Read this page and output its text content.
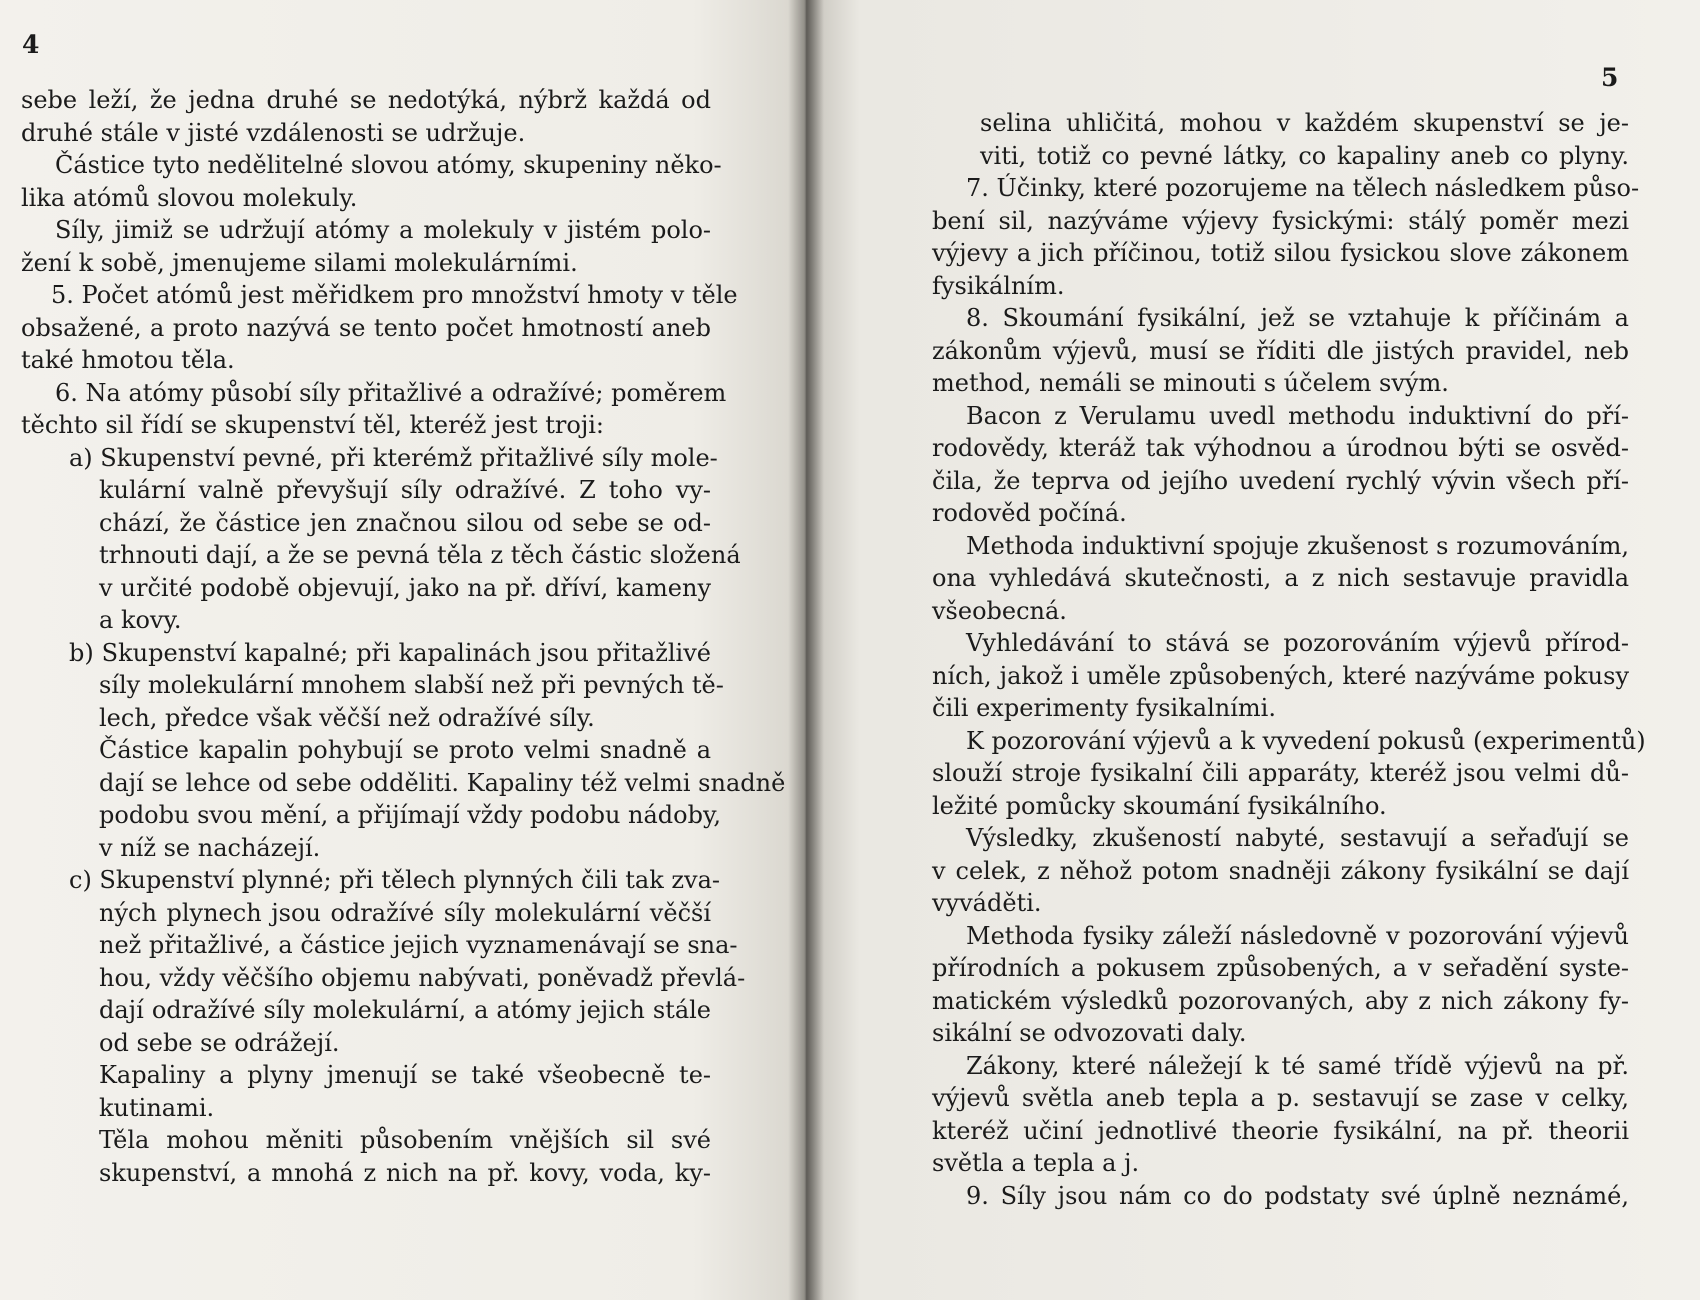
4
sebe leží, že jedna druhé se nedotýká, nýbrž každá od
druhé stále v jisté vzdálenosti se udržuje.
Částice tyto nedělitelné slovou atómy, skupeniny něko-
lika atómů slovou molekuly.
Síly, jimiž se udržují atómy a molekuly v jistém polo-
žení k sobě, jmenujeme silami molekulárními.
5. Počet atómů jest měřidkem pro množství hmoty v těle
obsažené, a proto nazývá se tento počet hmotností aneb
také hmotou těla.
6. Na atómy působí síly přitažlivé a odražívé; poměrem
těchto sil řídí se skupenství těl, kteréž jest troji:
a) Skupenství pevné, při kterémž přitažlivé síly mole-
kulární valně převyšují síly odražívé. Z toho vy-
chází, že částice jen značnou silou od sebe se od-
trhnouti dají, a že se pevná těla z těch částic složená
v určité podobě objevují, jako na př. dříví, kameny
a kovy.
b) Skupenství kapalné; při kapalinách jsou přitažlivé
síly molekulární mnohem slabší než při pevných tě-
lech, předce však věčší než odražívé síly.
Částice kapalin pohybují se proto velmi snadně a
dají se lehce od sebe odděliti. Kapaliny též velmi snadně
podobu svou mění, a přijímají vždy podobu nádoby,
v níž se nacházejí.
c) Skupenství plynné; při tělech plynných čili tak zva-
ných plynech jsou odražívé síly molekulární věčší
než přitažlivé, a částice jejich vyznamenávají se sna-
hou, vždy věčšího objemu nabývati, poněvadž převlá-
dají odražívé síly molekulární, a atómy jejich stále
od sebe se odrážejí.
Kapaliny a plyny jmenují se také všeobecně te-
kutinami.
Těla mohou měniti působením vnějších sil své
skupenství, a mnohá z nich na př. kovy, voda, ky-
5
selina uhličitá, mohou v každém skupenství se je-
viti, totiž co pevné látky, co kapaliny aneb co plyny.
7. Účinky, které pozorujeme na tělech následkem půso-
bení sil, nazýváme výjevy fysickými: stálý poměr mezi
výjevy a jich příčinou, totiž silou fysickou slove zákonem
fysikálním.
8. Skoumání fysikální, jež se vztahuje k příčinám a
zákonům výjevů, musí se říditi dle jistých pravidel, neb
method, nemáli se minouti s účelem svým.
Bacon z Verulamu uvedl methodu induktivní do pří-
rodovědy, kteráž tak výhodnou a úrodnou býti se osvěd-
čila, že teprva od jejího uvedení rychlý vývin všech pří-
rodověd počíná.
Methoda induktivní spojuje zkušenost s rozumováním,
ona vyhledává skutečnosti, a z nich sestavuje pravidla
všeobecná.
Vyhledávání to stává se pozorováním výjevů přírod-
ních, jakož i uměle způsobených, které nazýváme pokusy
čili experimenty fysikalními.
K pozorování výjevů a k vyvedení pokusů (experimentů)
slouží stroje fysikalní čili apparáty, kteréž jsou velmi dů-
ležité pomůcky skoumání fysikálního.
Výsledky, zkušeností nabyté, sestavují a seřaďují se
v celek, z něhož potom snadněji zákony fysikální se dají
vyváděti.
Methoda fysiky záleží následovně v pozorování výjevů
přírodních a pokusem způsobených, a v seřadění syste-
matickém výsledků pozorovaných, aby z nich zákony fy-
sikální se odvozovati daly.
Zákony, které náležejí k té samé třídě výjevů na př.
výjevů světla aneb tepla a p. sestavují se zase v celky,
kteréž učiní jednotlivé theorie fysikální, na př. theorii
světla a tepla a j.
9. Síly jsou nám co do podstaty své úplně neznámé,
